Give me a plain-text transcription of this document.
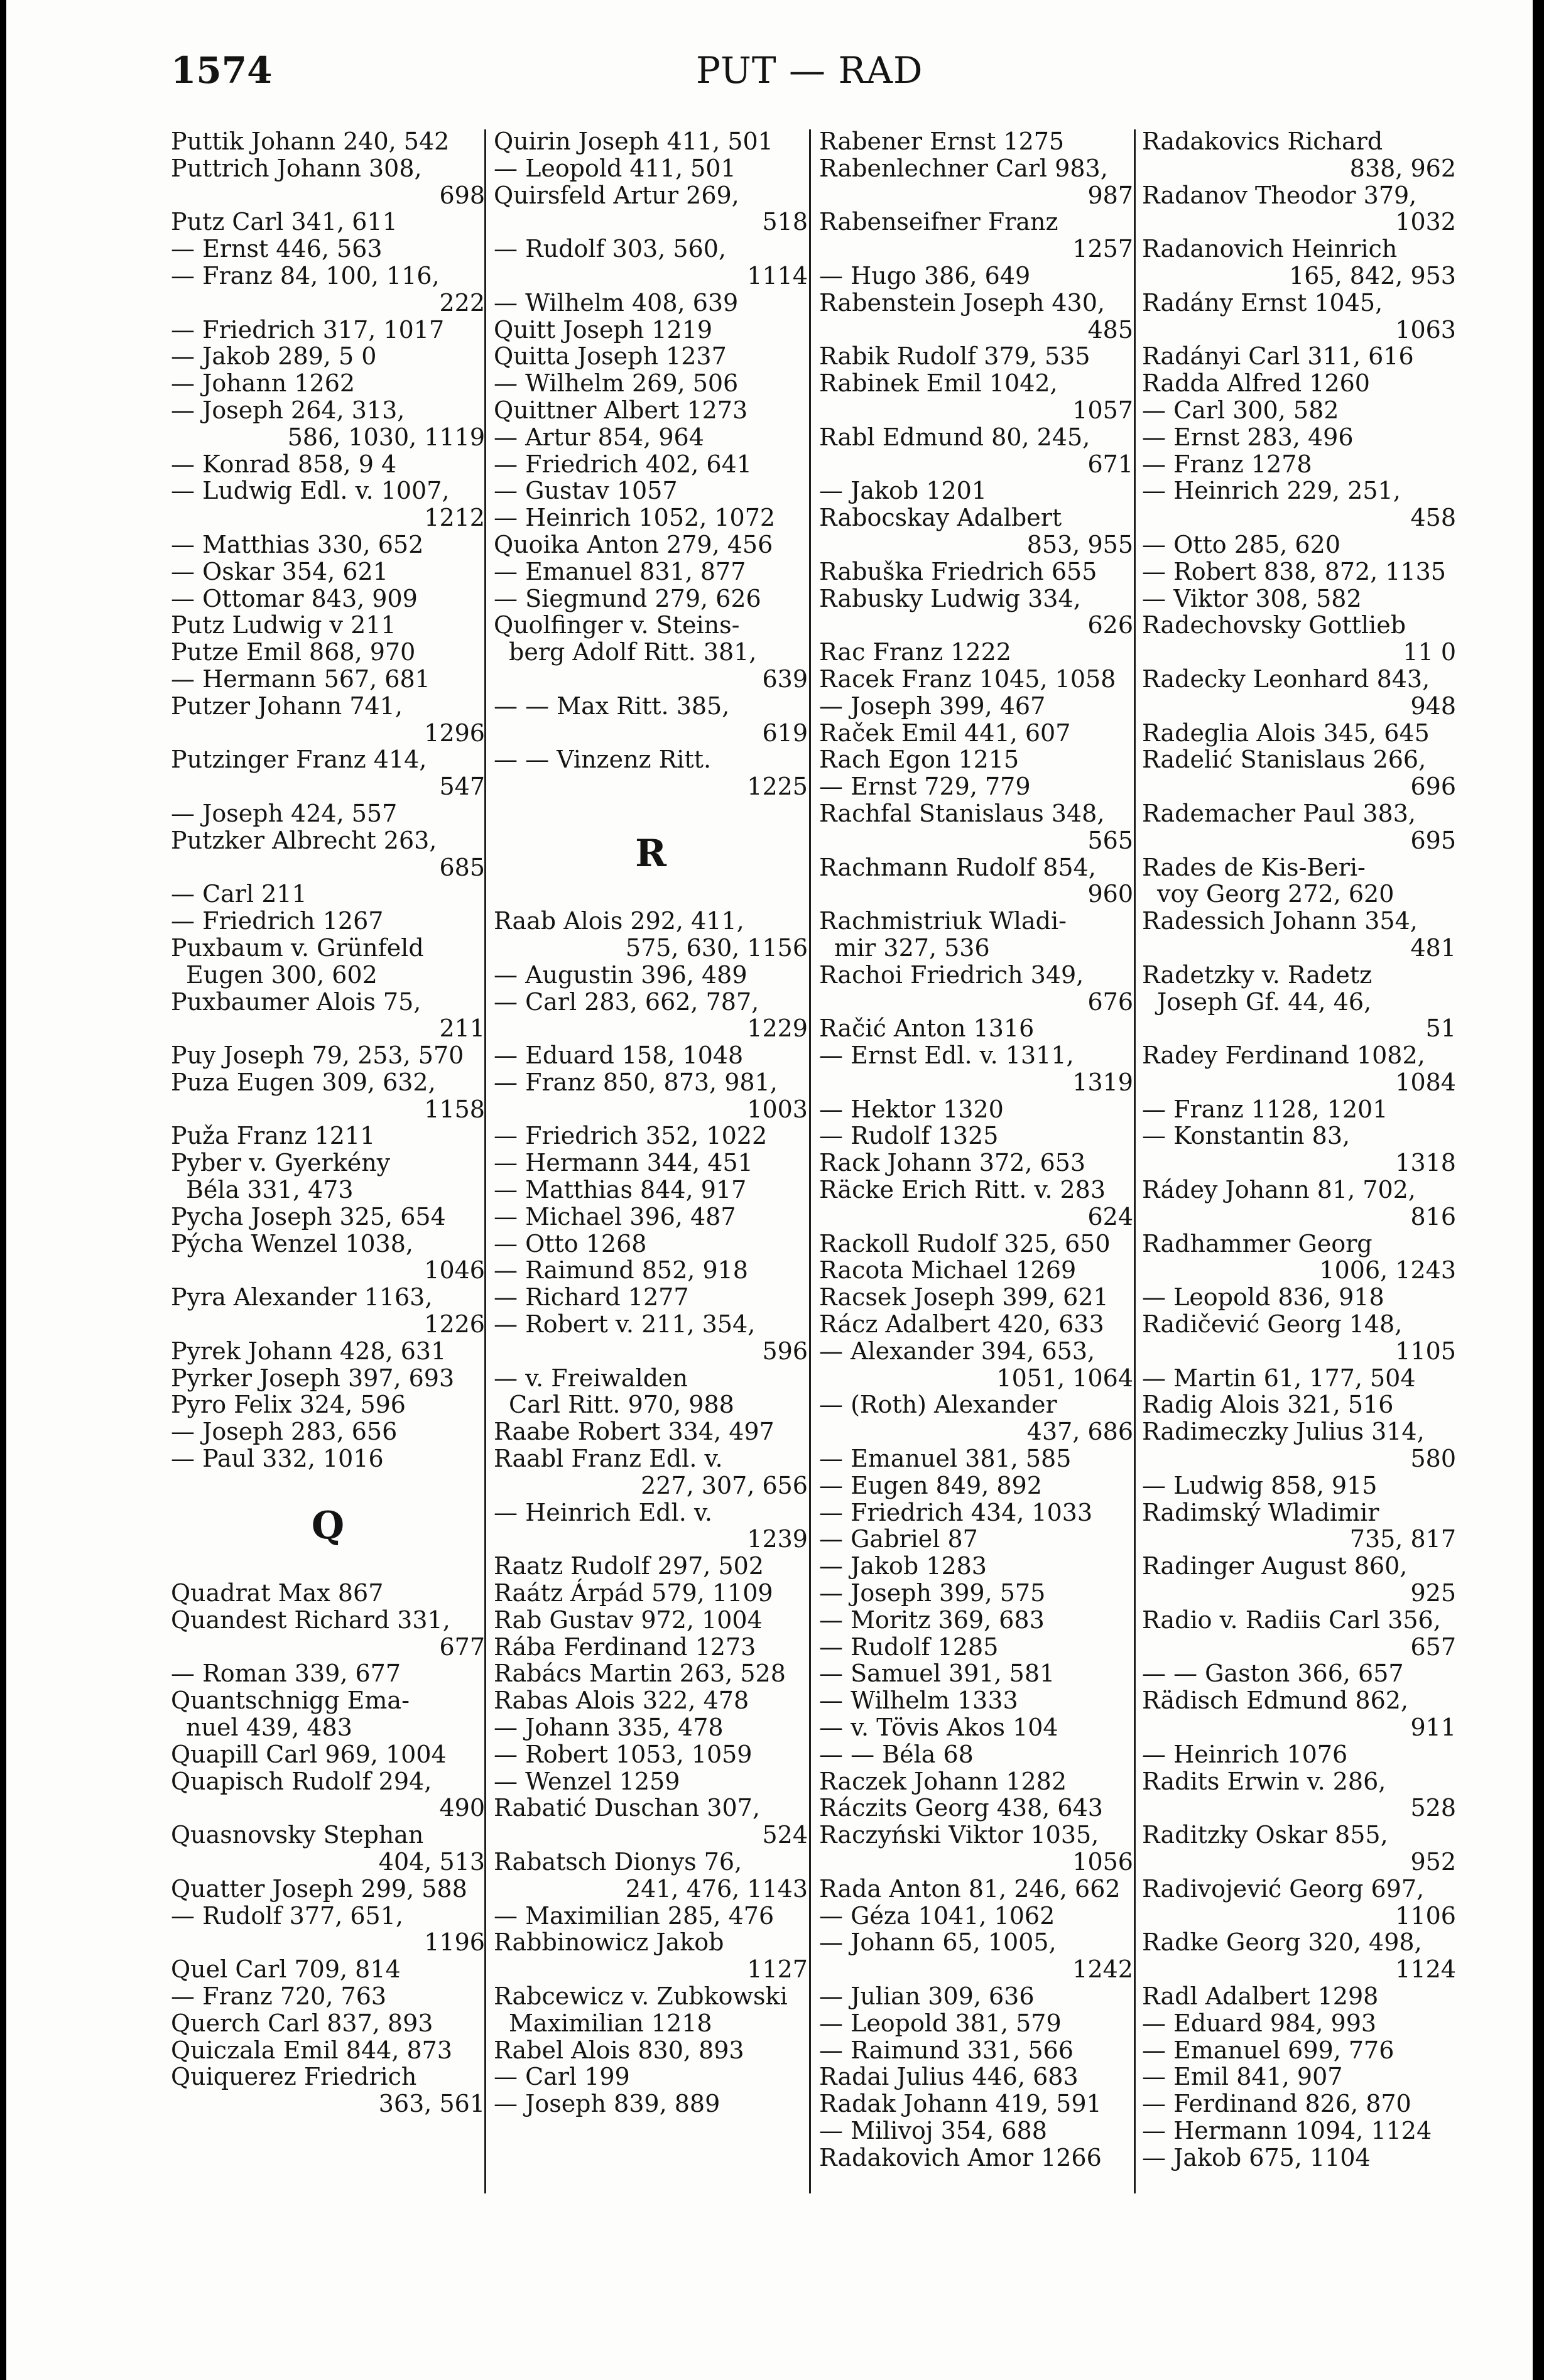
1574	PUT — RAD
Puttik Johann 240, 542
Puttrich Johann 308,
698
Putz Carl 341, 611
— Ernst 446, 563
— Franz 84, 100, 116,
222
— Friedrich 317, 1017
— Jakob 289, 5 0
— Johann 1262
— Joseph 264, 313,
586, 1030, 1119
— Konrad 858, 9 4
— Ludwig Edl. v. 1007,
1212
— Matthias 330, 652
— Oskar 354, 621
— Ottomar 843, 909
Putz Ludwig v 211
Putze Emil 868, 970
— Hermann 567, 681
Putzer Johann 741,
1296
Putzinger Franz 414,
547
— Joseph 424, 557
Putzker Albrecht 263,
685
— Carl 211
— Friedrich 1267
Puxbaum v. Grünfeld
Eugen 300, 602
Puxbaumer Alois 75,
211
Puy Joseph 79, 253, 570
Puza Eugen 309, 632,
1158
Puža Franz 1211
Pyber v. Gyerkény
Béla 331, 473
Pycha Joseph 325, 654
Pýcha Wenzel 1038,
1046
Pyra Alexander 1163,
1226
Pyrek Johann 428, 631
Pyrker Joseph 397, 693
Pyro Felix 324, 596
— Joseph 283, 656
— Paul 332, 1016
Q
Quadrat Max 867
Quandest Richard 331,
677
— Roman 339, 677
Quantschnigg Ema-
nuel 439, 483
Quapill Carl 969, 1004
Quapisch Rudolf 294,
490
Quasnovsky Stephan
404, 513
Quatter Joseph 299, 588
— Rudolf 377, 651,
1196
Quel Carl 709, 814
— Franz 720, 763
Querch Carl 837, 893
Quiczala Emil 844, 873
Quiquerez Friedrich
363, 561
Quirin Joseph 411, 501
— Leopold 411, 501
Quirsfeld Artur 269,
518
— Rudolf 303, 560,
1114
— Wilhelm 408, 639
Quitt Joseph 1219
Quitta Joseph 1237
— Wilhelm 269, 506
Quittner Albert 1273
— Artur 854, 964
— Friedrich 402, 641
— Gustav 1057
— Heinrich 1052, 1072
Quoika Anton 279, 456
— Emanuel 831, 877
— Siegmund 279, 626
Quolfinger v. Steins-
berg Adolf Ritt. 381,
639
— — Max Ritt. 385,
619
— — Vinzenz Ritt.
1225
R
Raab Alois 292, 411,
575, 630, 1156
— Augustin 396, 489
— Carl 283, 662, 787,
1229
— Eduard 158, 1048
— Franz 850, 873, 981,
1003
— Friedrich 352, 1022
— Hermann 344, 451
— Matthias 844, 917
— Michael 396, 487
— Otto 1268
— Raimund 852, 918
— Richard 1277
— Robert v. 211, 354,
596
— v. Freiwalden
Carl Ritt. 970, 988
Raabe Robert 334, 497
Raabl Franz Edl. v.
227, 307, 656
— Heinrich Edl. v.
1239
Raatz Rudolf 297, 502
Raátz Árpád 579, 1109
Rab Gustav 972, 1004
Rába Ferdinand 1273
Rabács Martin 263, 528
Rabas Alois 322, 478
— Johann 335, 478
— Robert 1053, 1059
— Wenzel 1259
Rabatić Duschan 307,
524
Rabatsch Dionys 76,
241, 476, 1143
— Maximilian 285, 476
Rabbinowicz Jakob
1127
Rabcewicz v. Zubkowski
Maximilian 1218
Rabel Alois 830, 893
— Carl 199
— Joseph 839, 889
Rabener Ernst 1275
Rabenlechner Carl 983,
987
Rabenseifner Franz
1257
— Hugo 386, 649
Rabenstein Joseph 430,
485
Rabik Rudolf 379, 535
Rabinek Emil 1042,
1057
Rabl Edmund 80, 245,
671
— Jakob 1201
Rabocskay Adalbert
853, 955
Rabuška Friedrich 655
Rabusky Ludwig 334,
626
Rac Franz 1222
Racek Franz 1045, 1058
— Joseph 399, 467
Raček Emil 441, 607
Rach Egon 1215
— Ernst 729, 779
Rachfal Stanislaus 348,
565
Rachmann Rudolf 854,
960
Rachmistriuk Wladi-
mir 327, 536
Rachoi Friedrich 349,
676
Račić Anton 1316
— Ernst Edl. v. 1311,
1319
— Hektor 1320
— Rudolf 1325
Rack Johann 372, 653
Räcke Erich Ritt. v. 283
624
Rackoll Rudolf 325, 650
Racota Michael 1269
Racsek Joseph 399, 621
Rácz Adalbert 420, 633
— Alexander 394, 653,
1051, 1064
— (Roth) Alexander
437, 686
— Emanuel 381, 585
— Eugen 849, 892
— Friedrich 434, 1033
— Gabriel 87
— Jakob 1283
— Joseph 399, 575
— Moritz 369, 683
— Rudolf 1285
— Samuel 391, 581
— Wilhelm 1333
— v. Tövis Akos 104
— — Béla 68
Raczek Johann 1282
Ráczits Georg 438, 643
Raczyński Viktor 1035,
1056
Rada Anton 81, 246, 662
— Géza 1041, 1062
— Johann 65, 1005,
1242
— Julian 309, 636
— Leopold 381, 579
— Raimund 331, 566
Radai Julius 446, 683
Radak Johann 419, 591
— Milivoj 354, 688
Radakovich Amor 1266
Radakovics Richard
838, 962
Radanov Theodor 379,
1032
Radanovich Heinrich
165, 842, 953
Radány Ernst 1045,
1063
Radányi Carl 311, 616
Radda Alfred 1260
— Carl 300, 582
— Ernst 283, 496
— Franz 1278
— Heinrich 229, 251,
458
— Otto 285, 620
— Robert 838, 872, 1135
— Viktor 308, 582
Radechovsky Gottlieb
11 0
Radecky Leonhard 843,
948
Radeglia Alois 345, 645
Radelić Stanislaus 266,
696
Rademacher Paul 383,
695
Rades de Kis-Beri-
voy Georg 272, 620
Radessich Johann 354,
481
Radetzky v. Radetz
Joseph Gf. 44, 46,
51
Radey Ferdinand 1082,
1084
— Franz 1128, 1201
— Konstantin 83,
1318
Rádey Johann 81, 702,
816
Radhammer Georg
1006, 1243
— Leopold 836, 918
Radičević Georg 148,
1105
— Martin 61, 177, 504
Radig Alois 321, 516
Radimeczky Julius 314,
580
— Ludwig 858, 915
Radimský Wladimir
735, 817
Radinger August 860,
925
Radio v. Radiis Carl 356,
657
— — Gaston 366, 657
Rädisch Edmund 862,
911
— Heinrich 1076
Radits Erwin v. 286,
528
Raditzky Oskar 855,
952
Radivojević Georg 697,
1106
Radke Georg 320, 498,
1124
Radl Adalbert 1298
— Eduard 984, 993
— Emanuel 699, 776
— Emil 841, 907
— Ferdinand 826, 870
— Hermann 1094, 1124
— Jakob 675, 1104
